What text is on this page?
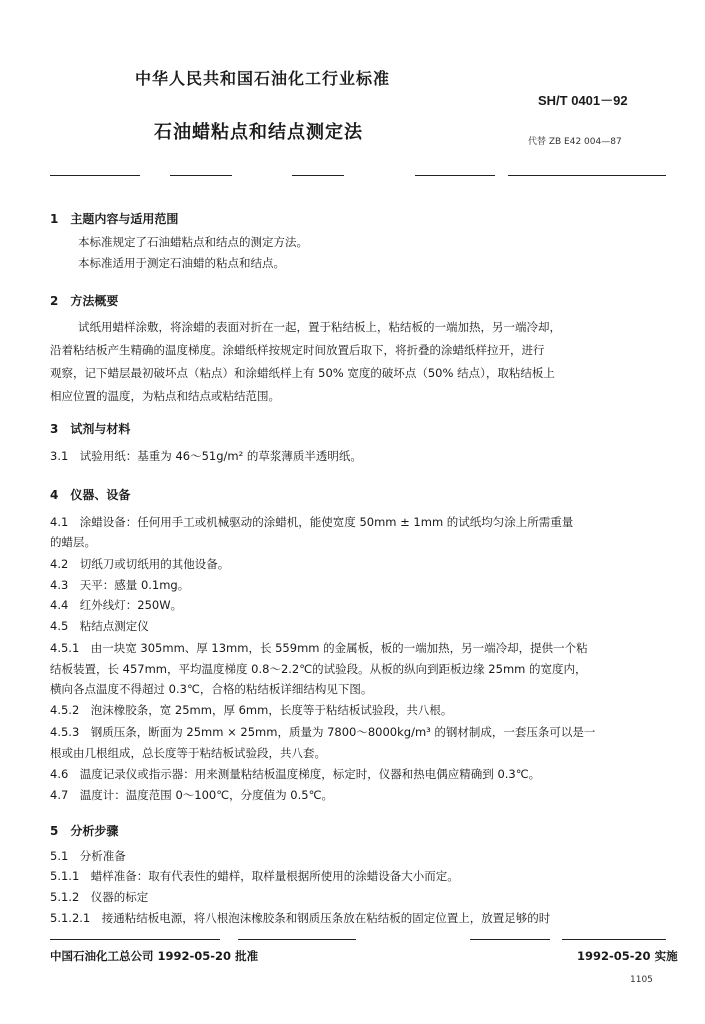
中华人民共和国石油化工行业标准
SH/T 0401－92
石油蜡粘点和结点测定法	代替 ZB E42 004—87
1　主题内容与适用范围
本标准规定了石油蜡粘点和结点的测定方法。
本标准适用于测定石油蜡的粘点和结点。
2　方法概要
试纸用蜡样涂敷，将涂蜡的表面对折在一起，置于粘结板上，粘结板的一端加热，另一端冷却，
沿着粘结板产生精确的温度梯度。涂蜡纸样按规定时间放置后取下，将折叠的涂蜡纸样拉开，进行
观察，记下蜡层最初破坏点（粘点）和涂蜡纸样上有 50% 宽度的破坏点（50% 结点），取粘结板上
相应位置的温度，为粘点和结点或粘结范围。
3　试剂与材料
3.1　试验用纸：基重为 46～51g/m² 的草浆薄质半透明纸。
4　仪器、设备
4.1　涂蜡设备：任何用手工或机械驱动的涂蜡机，能使宽度 50mm ± 1mm 的试纸均匀涂上所需重量
的蜡层。
4.2　切纸刀或切纸用的其他设备。
4.3　天平：感量 0.1mg。
4.4　红外线灯：250W。
4.5　粘结点测定仪
4.5.1　由一块宽 305mm、厚 13mm，长 559mm 的金属板，板的一端加热，另一端冷却，提供一个粘
结板装置，长 457mm，平均温度梯度 0.8～2.2℃的试验段。从板的纵向到距板边缘 25mm 的宽度内，
横向各点温度不得超过 0.3℃，合格的粘结板详细结构见下图。
4.5.2　泡沫橡胶条，宽 25mm，厚 6mm，长度等于粘结板试验段，共八根。
4.5.3　钢质压条，断面为 25mm × 25mm，质量为 7800～8000kg/m³ 的钢材制成，一套压条可以是一
根或由几根组成，总长度等于粘结板试验段，共八套。
4.6　温度记录仪或指示器：用来测量粘结板温度梯度，标定时，仪器和热电偶应精确到 0.3℃。
4.7　温度计：温度范围 0～100℃，分度值为 0.5℃。
5　分析步骤
5.1　分析准备
5.1.1　蜡样准备：取有代表性的蜡样，取样量根据所使用的涂蜡设备大小而定。
5.1.2　仪器的标定
5.1.2.1　接通粘结板电源，将八根泡沫橡胶条和钢质压条放在粘结板的固定位置上，放置足够的时
中国石油化工总公司 1992-05-20 批准	1992-05-20 实施
1105
